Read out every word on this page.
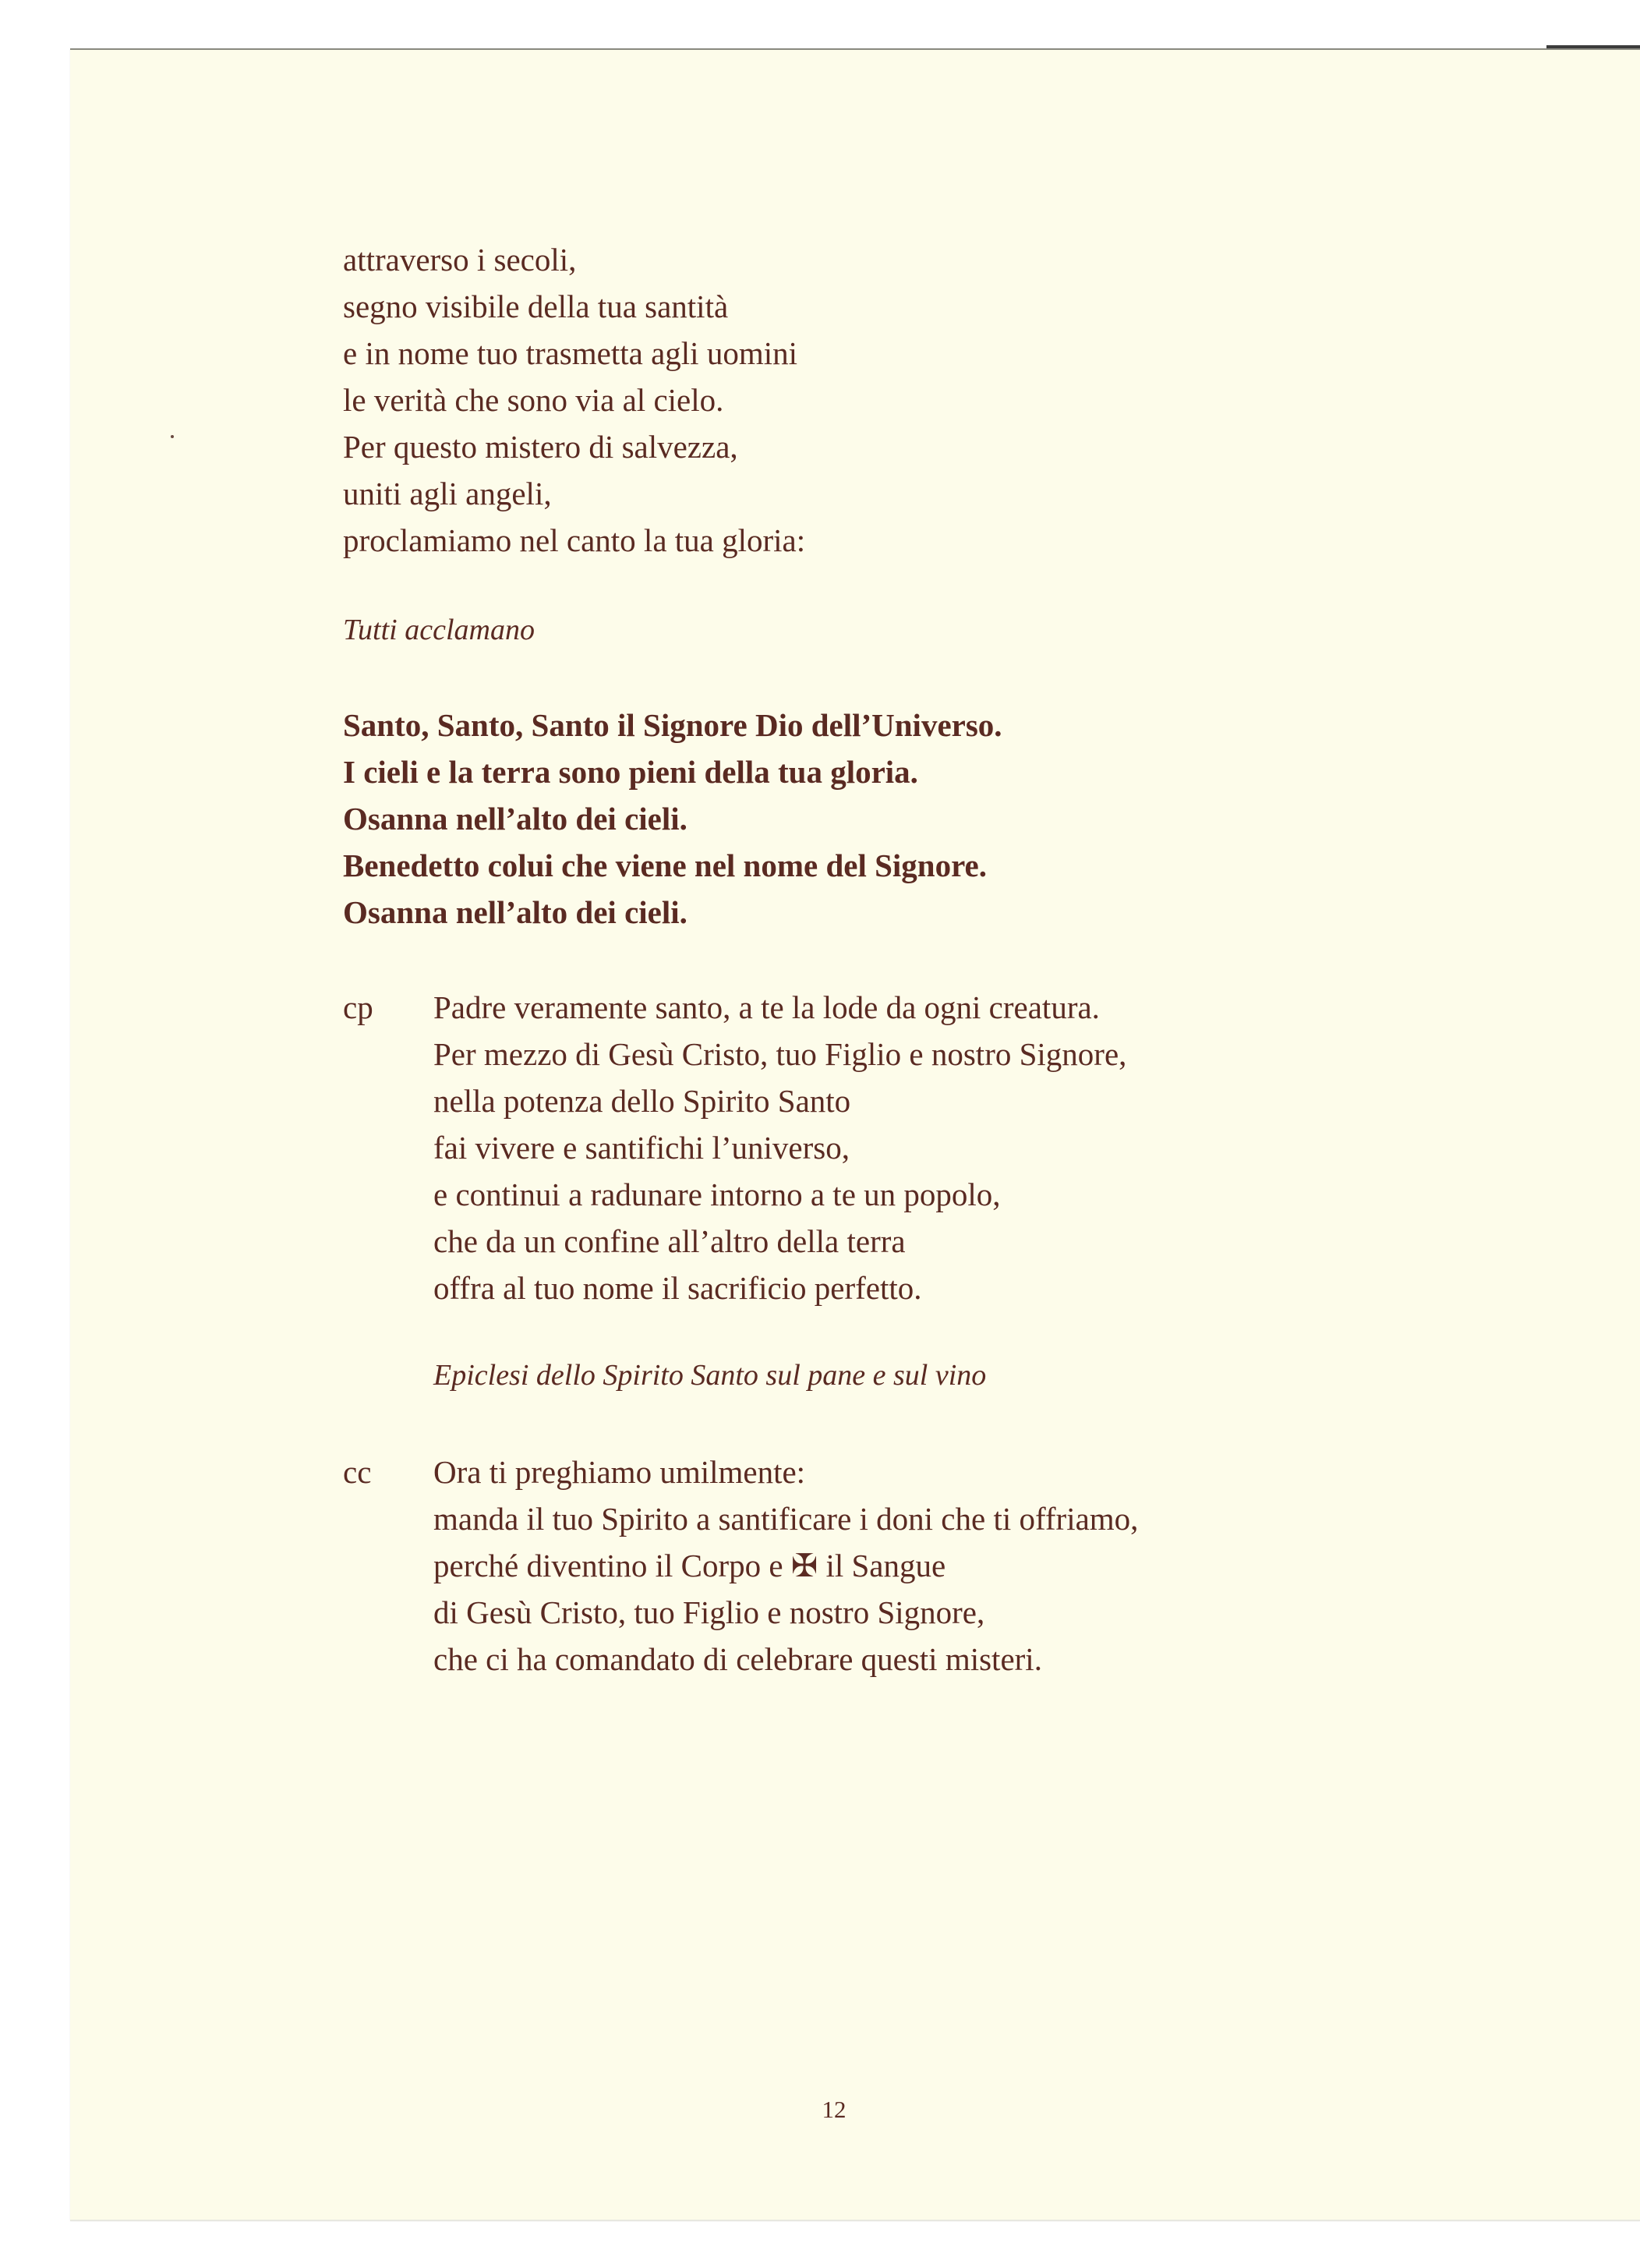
attraverso i secoli,
segno visibile della tua santità
e in nome tuo trasmetta agli uomini
le verità che sono via al cielo.
Per questo mistero di salvezza,
uniti agli angeli,
proclamiamo nel canto la tua gloria:
Tutti acclamano
Santo, Santo, Santo il Signore Dio dell’Universo.
I cieli e la terra sono pieni della tua gloria.
Osanna nell’alto dei cieli.
Benedetto colui che viene nel nome del Signore.
Osanna nell’alto dei cieli.
cp Padre veramente santo, a te la lode da ogni creatura.
Per mezzo di Gesù Cristo, tuo Figlio e nostro Signore,
nella potenza dello Spirito Santo
fai vivere e santifichi l’universo,
e continui a radunare intorno a te un popolo,
che da un confine all’altro della terra
offra al tuo nome il sacrificio perfetto.
Epiclesi dello Spirito Santo sul pane e sul vino
cc Ora ti preghiamo umilmente:
manda il tuo Spirito a santificare i doni che ti offriamo,
perché diventino il Corpo e ✠ il Sangue
di Gesù Cristo, tuo Figlio e nostro Signore,
che ci ha comandato di celebrare questi misteri.
12
